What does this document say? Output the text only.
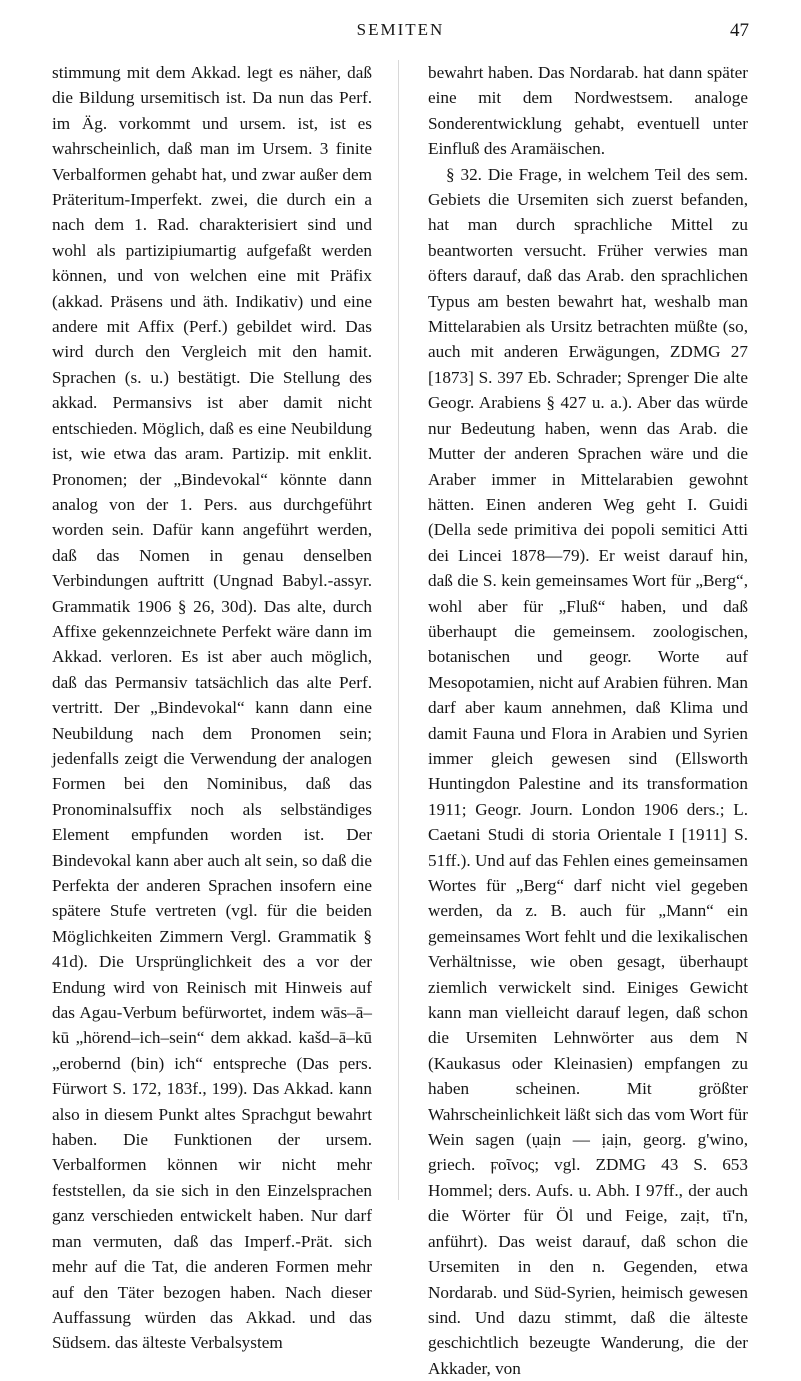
SEMITEN	47

stimmung mit dem Akkad. legt es näher, daß die Bildung ursemitisch ist. Da nun das Perf. im Äg. vorkommt und ursem. ist, ist es wahrscheinlich, daß man im Ursem. 3 finite Verbalformen gehabt hat, und zwar außer dem Präteritum-Imperfekt. zwei, die durch ein a nach dem 1. Rad. charakterisiert sind und wohl als partizipiumartig aufgefaßt werden können, und von welchen eine mit Präfix (akkad. Präsens und äth. Indikativ) und eine andere mit Affix (Perf.) gebildet wird. Das wird durch den Vergleich mit den hamit. Sprachen (s. u.) bestätigt. Die Stellung des akkad. Permansivs ist aber damit nicht entschieden. Möglich, daß es eine Neubildung ist, wie etwa das aram. Partizip. mit enklit. Pronomen; der „Bindevokal“ könnte dann analog von der 1. Pers. aus durchgeführt worden sein. Dafür kann angeführt werden, daß das Nomen in genau denselben Verbindungen auftritt (Ungnad Babyl.-assyr. Grammatik 1906 § 26, 30d). Das alte, durch Affixe gekennzeichnete Perfekt wäre dann im Akkad. verloren. Es ist aber auch möglich, daß das Permansiv tatsächlich das alte Perf. vertritt. Der „Bindevokal“ kann dann eine Neubildung nach dem Pronomen sein; jedenfalls zeigt die Verwendung der analogen Formen bei den Nominibus, daß das Pronominalsuffix noch als selbständiges Element empfunden worden ist. Der Bindevokal kann aber auch alt sein, so daß die Perfekta der anderen Sprachen insofern eine spätere Stufe vertreten (vgl. für die beiden Möglichkeiten Zimmern Vergl. Grammatik § 41d). Die Ursprünglichkeit des a vor der Endung wird von Reinisch mit Hinweis auf das Agau-Verbum befürwortet, indem wās–ā–kū „hörend–ich–sein“ dem akkad. kašd–ā–kū „erobernd (bin) ich“ entspreche (Das pers. Fürwort S. 172, 183f., 199). Das Akkad. kann also in diesem Punkt altes Sprachgut bewahrt haben. Die Funktionen der ursem. Verbalformen können wir nicht mehr feststellen, da sie sich in den Einzelsprachen ganz verschieden entwickelt haben. Nur darf man vermuten, daß das Imperf.-Prät. sich mehr auf die Tat, die anderen Formen mehr auf den Täter bezogen haben. Nach dieser Auffassung würden das Akkad. und das Südsem. das älteste Verbalsystem

bewahrt haben. Das Nordarab. hat dann später eine mit dem Nordwestsem. analoge Sonderentwicklung gehabt, eventuell unter Einfluß des Aramäischen.

§ 32. Die Frage, in welchem Teil des sem. Gebiets die Ursemiten sich zuerst befanden, hat man durch sprachliche Mittel zu beantworten versucht. Früher verwies man öfters darauf, daß das Arab. den sprachlichen Typus am besten bewahrt hat, weshalb man Mittelarabien als Ursitz betrachten müßte (so, auch mit anderen Erwägungen, ZDMG 27 [1873] S. 397 Eb. Schrader; Sprenger Die alte Geogr. Arabiens § 427 u. a.). Aber das würde nur Bedeutung haben, wenn das Arab. die Mutter der anderen Sprachen wäre und die Araber immer in Mittelarabien gewohnt hätten. Einen anderen Weg geht I. Guidi (Della sede primitiva dei popoli semitici Atti dei Lincei 1878—79). Er weist darauf hin, daß die S. kein gemeinsames Wort für „Berg“, wohl aber für „Fluß“ haben, und daß überhaupt die gemeinsem. zoologischen, botanischen und geogr. Worte auf Mesopotamien, nicht auf Arabien führen. Man darf aber kaum annehmen, daß Klima und damit Fauna und Flora in Arabien und Syrien immer gleich gewesen sind (Ellsworth Huntingdon Palestine and its transformation 1911; Geogr. Journ. London 1906 ders.; L. Caetani Studi di storia Orientale I [1911] S. 51ff.). Und auf das Fehlen eines gemeinsamen Wortes für „Berg“ darf nicht viel gegeben werden, da z. B. auch für „Mann“ ein gemeinsames Wort fehlt und die lexikalischen Verhältnisse, wie oben gesagt, überhaupt ziemlich verwickelt sind. Einiges Gewicht kann man vielleicht darauf legen, daß schon die Ursemiten Lehnwörter aus dem N (Kaukasus oder Kleinasien) empfangen zu haben scheinen. Mit größter Wahrscheinlichkeit läßt sich das vom Wort für Wein sagen (ụaịn — ịaịn, georg. g'wino, griech. ϝοῖνος; vgl. ZDMG 43 S. 653 Hommel; ders. Aufs. u. Abh. I 97ff., der auch die Wörter für Öl und Feige, zaịt, tī'n, anführt). Das weist darauf, daß schon die Ursemiten in den n. Gegenden, etwa Nordarab. und Süd-Syrien, heimisch gewesen sind. Und dazu stimmt, daß die älteste geschichtlich bezeugte Wanderung, die der Akkader, von
